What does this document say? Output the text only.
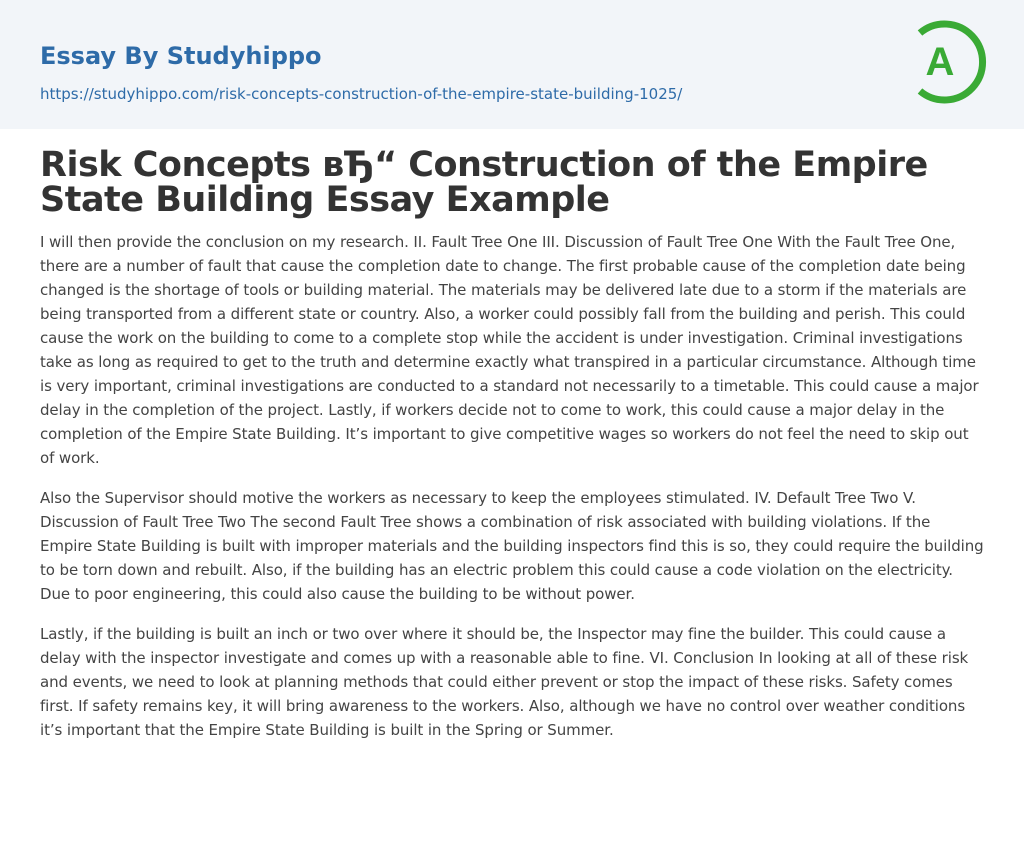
Essay By Studyhippo
https://studyhippo.com/risk-concepts-construction-of-the-empire-state-building-1025/
A
Risk Concepts вЂ“ Construction of the Empire State Building Essay Example

I will then provide the conclusion on my research. II. Fault Tree One III. Discussion of Fault Tree One With the Fault Tree One, there are a number of fault that cause the completion date to change. The first probable cause of the completion date being changed is the shortage of tools or building material. The materials may be delivered late due to a storm if the materials are being transported from a different state or country. Also, a worker could possibly fall from the building and perish. This could cause the work on the building to come to a complete stop while the accident is under investigation. Criminal investigations take as long as required to get to the truth and determine exactly what transpired in a particular circumstance. Although time is very important, criminal investigations are conducted to a standard not necessarily to a timetable. This could cause a major delay in the completion of the project. Lastly, if workers decide not to come to work, this could cause a major delay in the completion of the Empire State Building. It’s important to give competitive wages so workers do not feel the need to skip out of work.

Also the Supervisor should motive the workers as necessary to keep the employees stimulated. IV. Default Tree Two V. Discussion of Fault Tree Two The second Fault Tree shows a combination of risk associated with building violations. If the Empire State Building is built with improper materials and the building inspectors find this is so, they could require the building to be torn down and rebuilt. Also, if the building has an electric problem this could cause a code violation on the electricity. Due to poor engineering, this could also cause the building to be without power.

Lastly, if the building is built an inch or two over where it should be, the Inspector may fine the builder. This could cause a delay with the inspector investigate and comes up with a reasonable able to fine. VI. Conclusion In looking at all of these risk and events, we need to look at planning methods that could either prevent or stop the impact of these risks. Safety comes first. If safety remains key, it will bring awareness to the workers. Also, although we have no control over weather conditions it’s important that the Empire State Building is built in the Spring or Summer.
